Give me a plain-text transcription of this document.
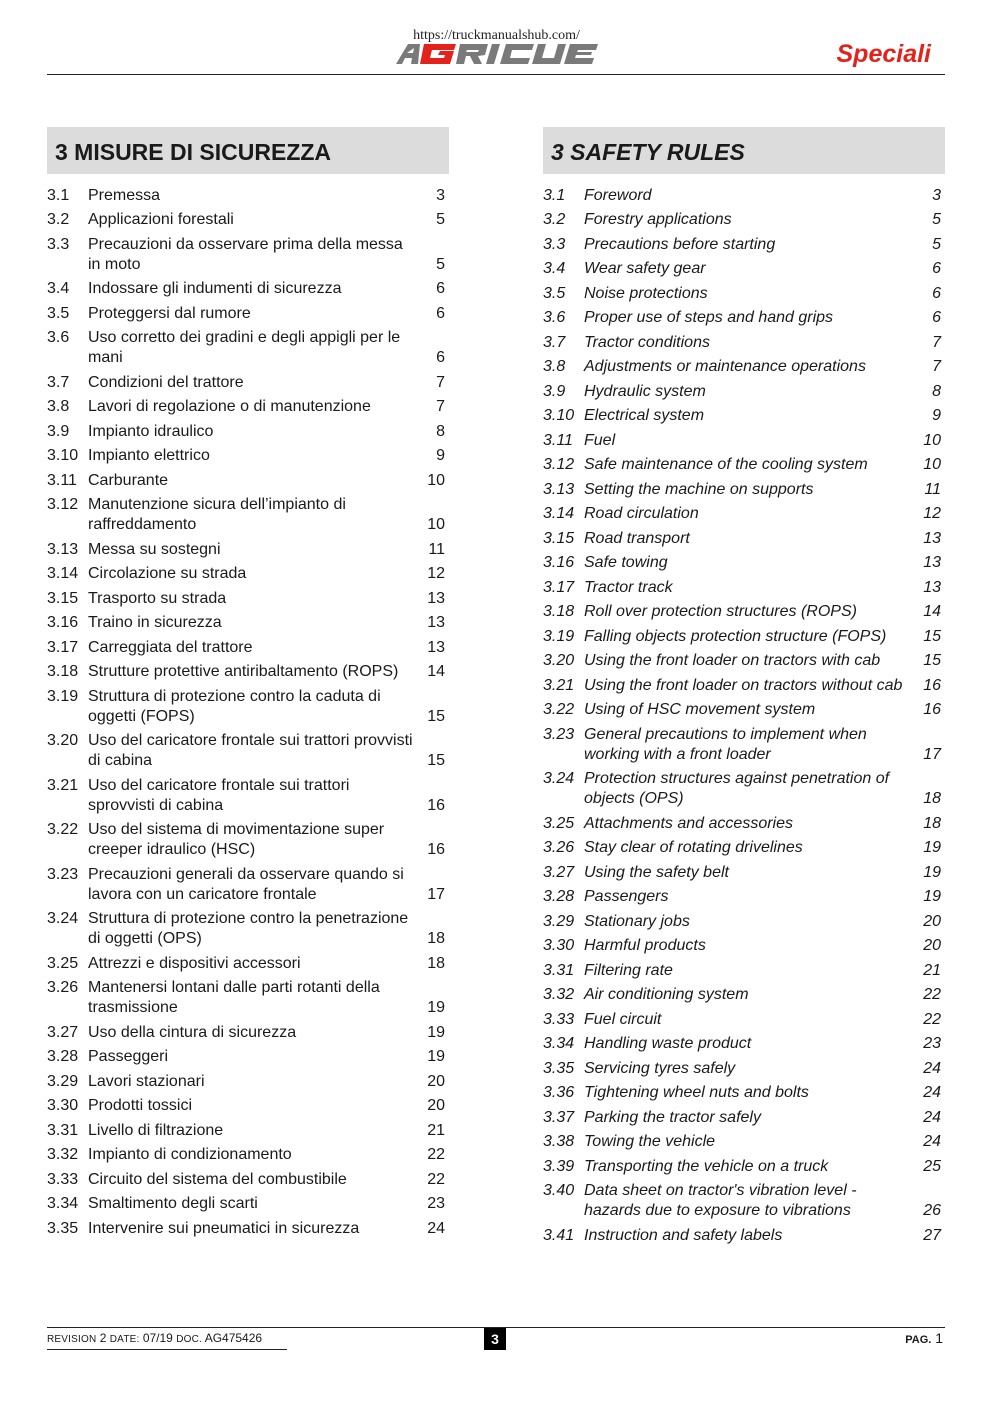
https://truckmanualshub.com/
Speciali
3 MISURE DI SICUREZZA	3 SAFETY RULES
3.1	Premessa	3
3.2	Applicazioni forestali	5
3.3	Precauzioni da osservare prima della messa in moto	5
3.4	Indossare gli indumenti di sicurezza	6
3.5	Proteggersi dal rumore	6
3.6	Uso corretto dei gradini e degli appigli per le mani	6
3.7	Condizioni del trattore	7
3.8	Lavori di regolazione o di manutenzione	7
3.9	Impianto idraulico	8
3.10 Impianto elettrico	9
3.11 Carburante	10
3.12 Manutenzione sicura dell’impianto di raffreddamento	10
3.13 Messa su sostegni	11
3.14 Circolazione su strada	12
3.15 Trasporto su strada	13
3.16 Traino in sicurezza	13
3.17 Carreggiata del trattore	13
3.18 Strutture protettive antiribaltamento (ROPS)	14
3.19 Struttura di protezione contro la caduta di oggetti (FOPS)	15
3.20 Uso del caricatore frontale sui trattori provvisti di cabina	15
3.21 Uso del caricatore frontale sui trattori sprovvisti di cabina	16
3.22 Uso del sistema di movimentazione super creeper idraulico (HSC)	16
3.23 Precauzioni generali da osservare quando si lavora con un caricatore frontale	17
3.24 Struttura di protezione contro la penetrazione di oggetti (OPS)	18
3.25 Attrezzi e dispositivi accessori	18
3.26 Mantenersi lontani dalle parti rotanti della trasmissione	19
3.27 Uso della cintura di sicurezza	19
3.28 Passeggeri	19
3.29 Lavori stazionari	20
3.30 Prodotti tossici	20
3.31 Livello di filtrazione	21
3.32 Impianto di condizionamento	22
3.33 Circuito del sistema del combustibile	22
3.34 Smaltimento degli scarti	23
3.35 Intervenire sui pneumatici in sicurezza	24
3.1	Foreword	3
3.2	Forestry applications	5
3.3	Precautions before starting	5
3.4	Wear safety gear	6
3.5	Noise protections	6
3.6	Proper use of steps and hand grips	6
3.7	Tractor conditions	7
3.8	Adjustments or maintenance operations	7
3.9	Hydraulic system	8
3.10 Electrical system	9
3.11 Fuel	10
3.12 Safe maintenance of the cooling system	10
3.13 Setting the machine on supports	11
3.14 Road circulation	12
3.15 Road transport	13
3.16 Safe towing	13
3.17 Tractor track	13
3.18 Roll over protection structures (ROPS)	14
3.19 Falling objects protection structure (FOPS)	15
3.20 Using the front loader on tractors with cab	15
3.21 Using the front loader on tractors without cab	16
3.22 Using of HSC movement system	16
3.23 General precautions to implement when working with a front loader	17
3.24 Protection structures against penetration of objects (OPS)	18
3.25 Attachments and accessories	18
3.26 Stay clear of rotating drivelines	19
3.27 Using the safety belt	19
3.28 Passengers	19
3.29 Stationary jobs	20
3.30 Harmful products	20
3.31 Filtering rate	21
3.32 Air conditioning system	22
3.33 Fuel circuit	22
3.34 Handling waste product	23
3.35 Servicing tyres safely	24
3.36 Tightening wheel nuts and bolts	24
3.37 Parking the tractor safely	24
3.38 Towing the vehicle	24
3.39 Transporting the vehicle on a truck	25
3.40 Data sheet on tractor's vibration level - hazards due to exposure to vibrations	26
3.41 Instruction and safety labels	27
REVISION 2 DATE: 07/19 DOC. AG475426	3	PAG. 1
